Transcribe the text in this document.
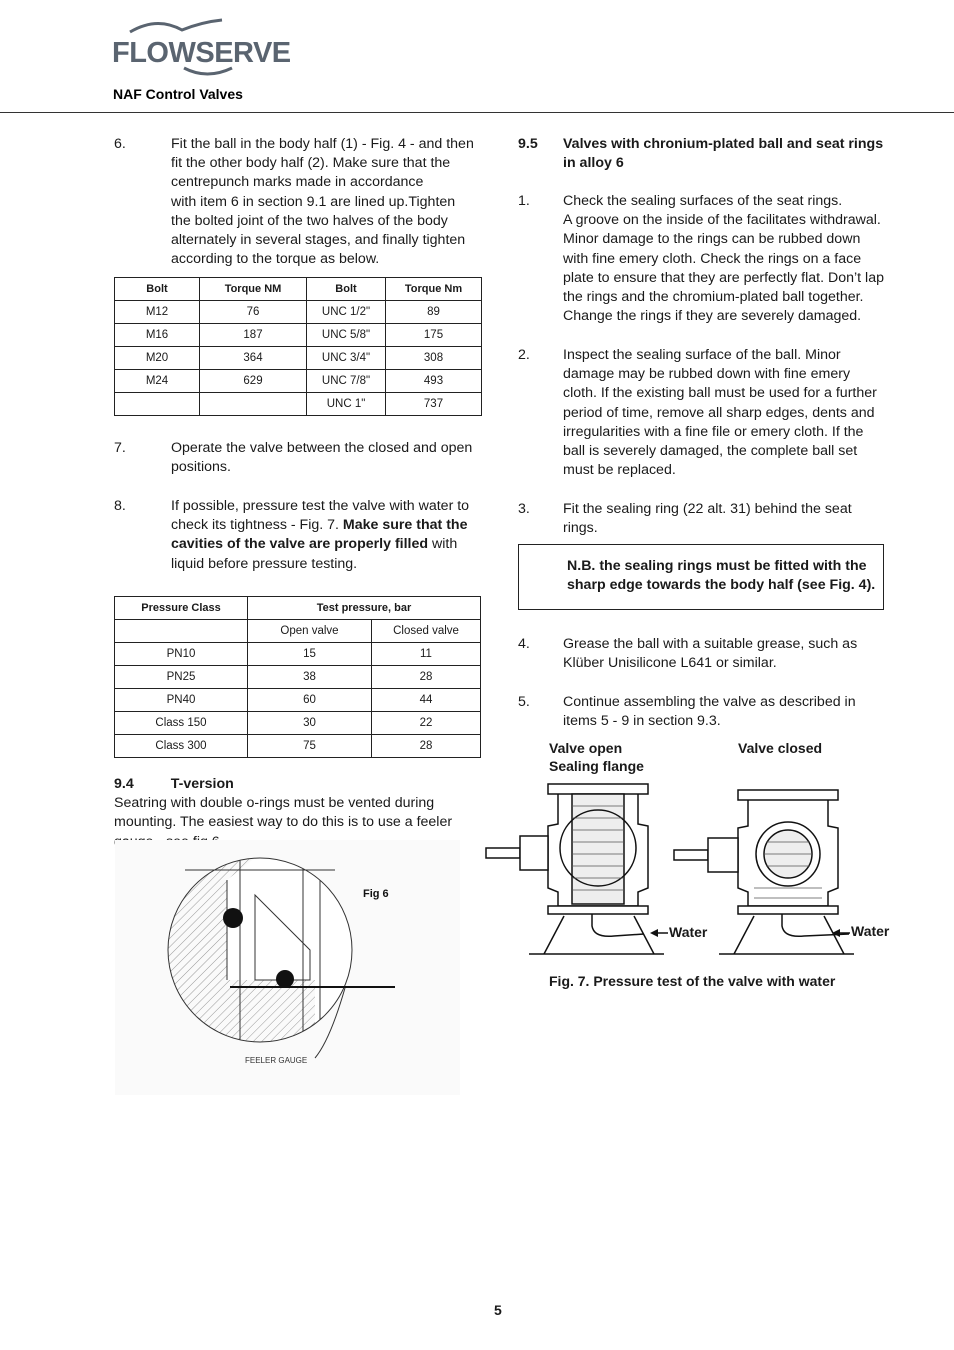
FLOWSERVE
NAF Control Valves
6.	Fit the ball in the body half (1) - Fig. 4 - and then
fit the other body half (2). Make sure that the
centrepunch marks made in accordance
with item 6 in section 9.1 are lined up.Tighten
the bolted joint of the two halves of the body
alternately in several stages, and finally tighten
according to the torque as below.
Bolt	Torque NM	Bolt	Torque Nm
M12	76	UNC 1/2"	89
M16	187	UNC 5/8"	175
M20	364	UNC 3/4"	308
M24	629	UNC 7/8"	493
		UNC 1"	737
7.	Operate the valve between the closed and open
positions.
8.	If possible, pressure test the valve with water to
check its tightness - Fig. 7. Make sure that the
cavities of the valve are properly filled with
liquid before pressure testing.
Pressure Class	Test pressure, bar	
	Open valve	Closed valve
PN10	15	11
PN25	38	28
PN40	60	44
Class 150	30	22
Class 300	75	28
9.4	T-version
Seatring with double o-rings must be vented during
mounting. The easiest way to do this is to use a feeler
Fig 6
FEELER GAUGE
9.5 Valves with chronium-plated ball and seat rings
in alloy 6
1. Check the sealing surfaces of the seat rings.
A groove on the inside of the facilitates withdrawal.
Minor damage to the rings can be rubbed down
with fine emery cloth. Check the rings on a face
plate to ensure that they are perfectly flat. Don’t lap
the rings and the chromium-plated ball together.
Change the rings if they are severely damaged.
2. Inspect the sealing surface of the ball. Minor
damage may be rubbed down with fine emery
cloth. If the existing ball must be used for a further
period of time, remove all sharp edges, dents and
irregularities with a fine file or emery cloth. If the
ball is severely damaged, the complete ball set
must be replaced.
3. Fit the sealing ring (22 alt. 31) behind the seat
rings.
N.B. the sealing rings must be fitted with the
sharp edge towards the body half (see Fig. 4).
4. Grease the ball with a suitable grease, such as
Klüber Unisilicone L641 or similar.
5. Continue assembling the valve as described in
items 5 - 9 in section 9.3.
Valve open
Sealing flange
Valve closed
Water	Water
Fig. 7. Pressure test of the valve with water
5
